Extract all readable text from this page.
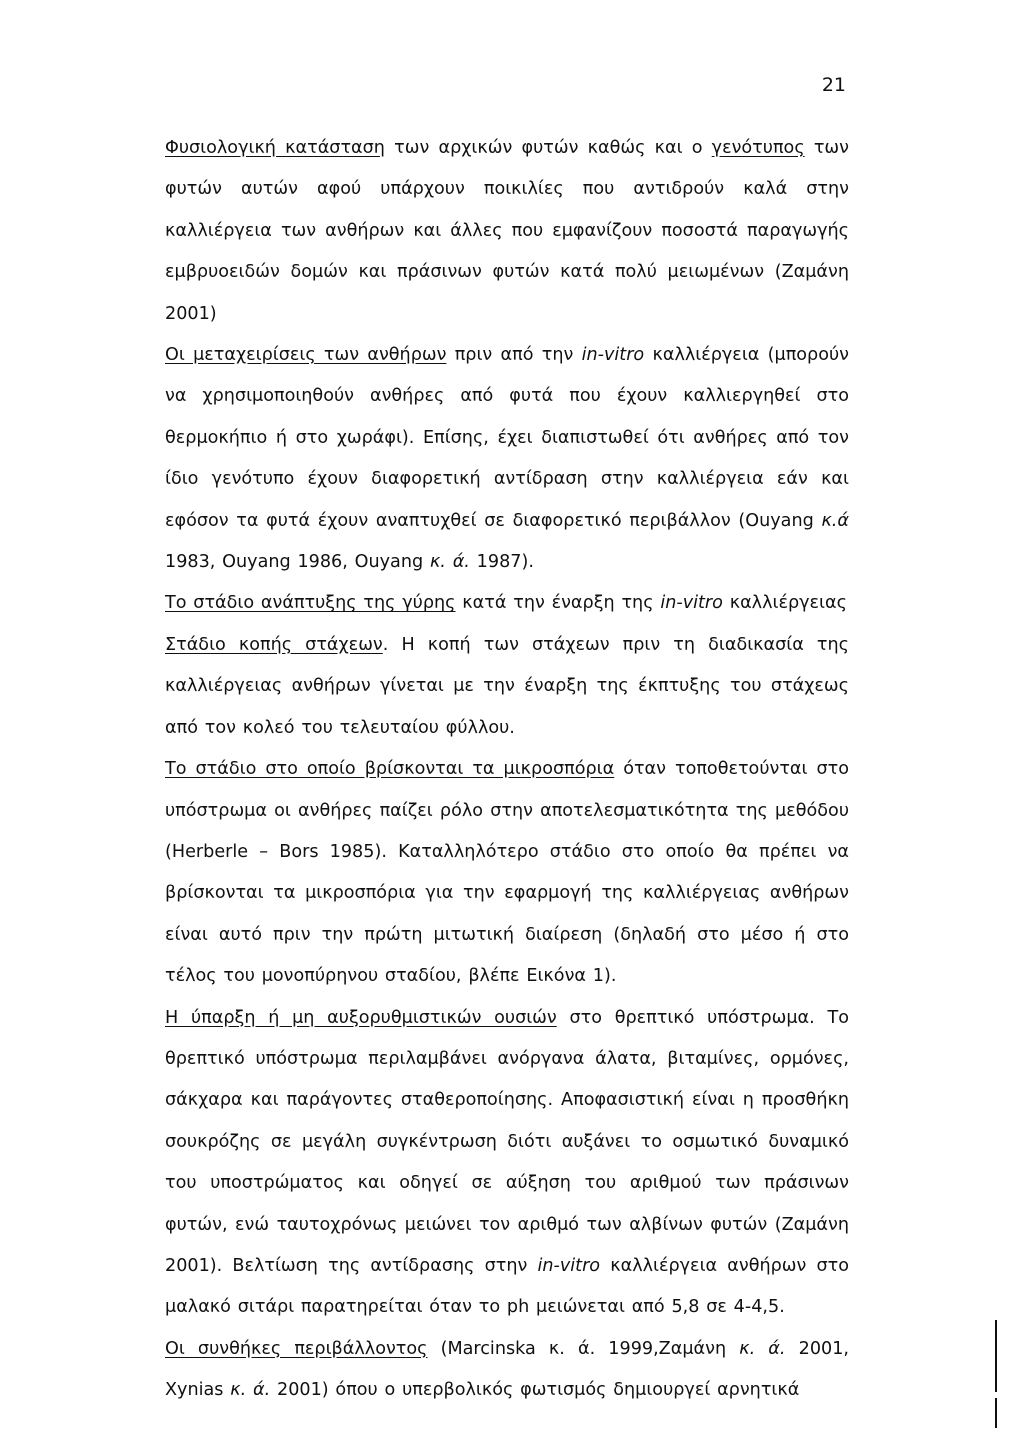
21

Φυσιολογική κατάσταση των αρχικών φυτών καθώς και ο γενότυπος των φυτών αυτών αφού υπάρχουν ποικιλίες που αντιδρούν καλά στην καλλιέργεια των ανθήρων και άλλες που εμφανίζουν ποσοστά παραγωγής εμβρυοειδών δομών και πράσινων φυτών κατά πολύ μειωμένων (Ζαμάνη 2001)

Οι μεταχειρίσεις των ανθήρων πριν από την in-vitro καλλιέργεια (μπορούν να χρησιμοποιηθούν ανθήρες από φυτά που έχουν καλλιεργηθεί στο θερμοκήπιο ή στο χωράφι). Επίσης, έχει διαπιστωθεί ότι ανθήρες από τον ίδιο γενότυπο έχουν διαφορετική αντίδραση στην καλλιέργεια εάν και εφόσον τα φυτά έχουν αναπτυχθεί σε διαφορετικό περιβάλλον (Ouyang κ.ά 1983, Ouyang 1986, Ouyang κ. ά. 1987).

Το στάδιο ανάπτυξης της γύρης κατά την έναρξη της in-vitro καλλιέργειας

Στάδιο κοπής στάχεων. Η κοπή των στάχεων πριν τη διαδικασία της καλλιέργειας ανθήρων γίνεται με την έναρξη της έκπτυξης του στάχεως από τον κολεό του τελευταίου φύλλου.

Το στάδιο στο οποίο βρίσκονται τα μικροσπόρια όταν τοποθετούνται στο υπόστρωμα οι ανθήρες παίζει ρόλο στην αποτελεσματικότητα της μεθόδου (Herberle – Bors 1985). Καταλληλότερο στάδιο στο οποίο θα πρέπει να βρίσκονται τα μικροσπόρια για την εφαρμογή της καλλιέργειας ανθήρων είναι αυτό πριν την πρώτη μιτωτική διαίρεση (δηλαδή στο μέσο ή στο τέλος του μονοπύρηνου σταδίου, βλέπε Εικόνα 1).

Η ύπαρξη ή μη αυξορυθμιστικών ουσιών στο θρεπτικό υπόστρωμα. Το θρεπτικό υπόστρωμα περιλαμβάνει ανόργανα άλατα, βιταμίνες, ορμόνες, σάκχαρα και παράγοντες σταθεροποίησης. Αποφασιστική είναι η προσθήκη σουκρόζης σε μεγάλη συγκέντρωση διότι αυξάνει το οσμωτικό δυναμικό του υποστρώματος και οδηγεί σε αύξηση του αριθμού των πράσινων φυτών, ενώ ταυτοχρόνως μειώνει τον αριθμό των αλβίνων φυτών (Ζαμάνη 2001). Βελτίωση της αντίδρασης στην in-vitro καλλιέργεια ανθήρων στο μαλακό σιτάρι παρατηρείται όταν το ph μειώνεται από 5,8 σε 4-4,5.

Οι συνθήκες περιβάλλοντος (Marcinska κ. ά. 1999,Ζαμάνη κ. ά. 2001, Xynias κ. ά. 2001) όπου ο υπερβολικός φωτισμός δημιουργεί αρνητικά
